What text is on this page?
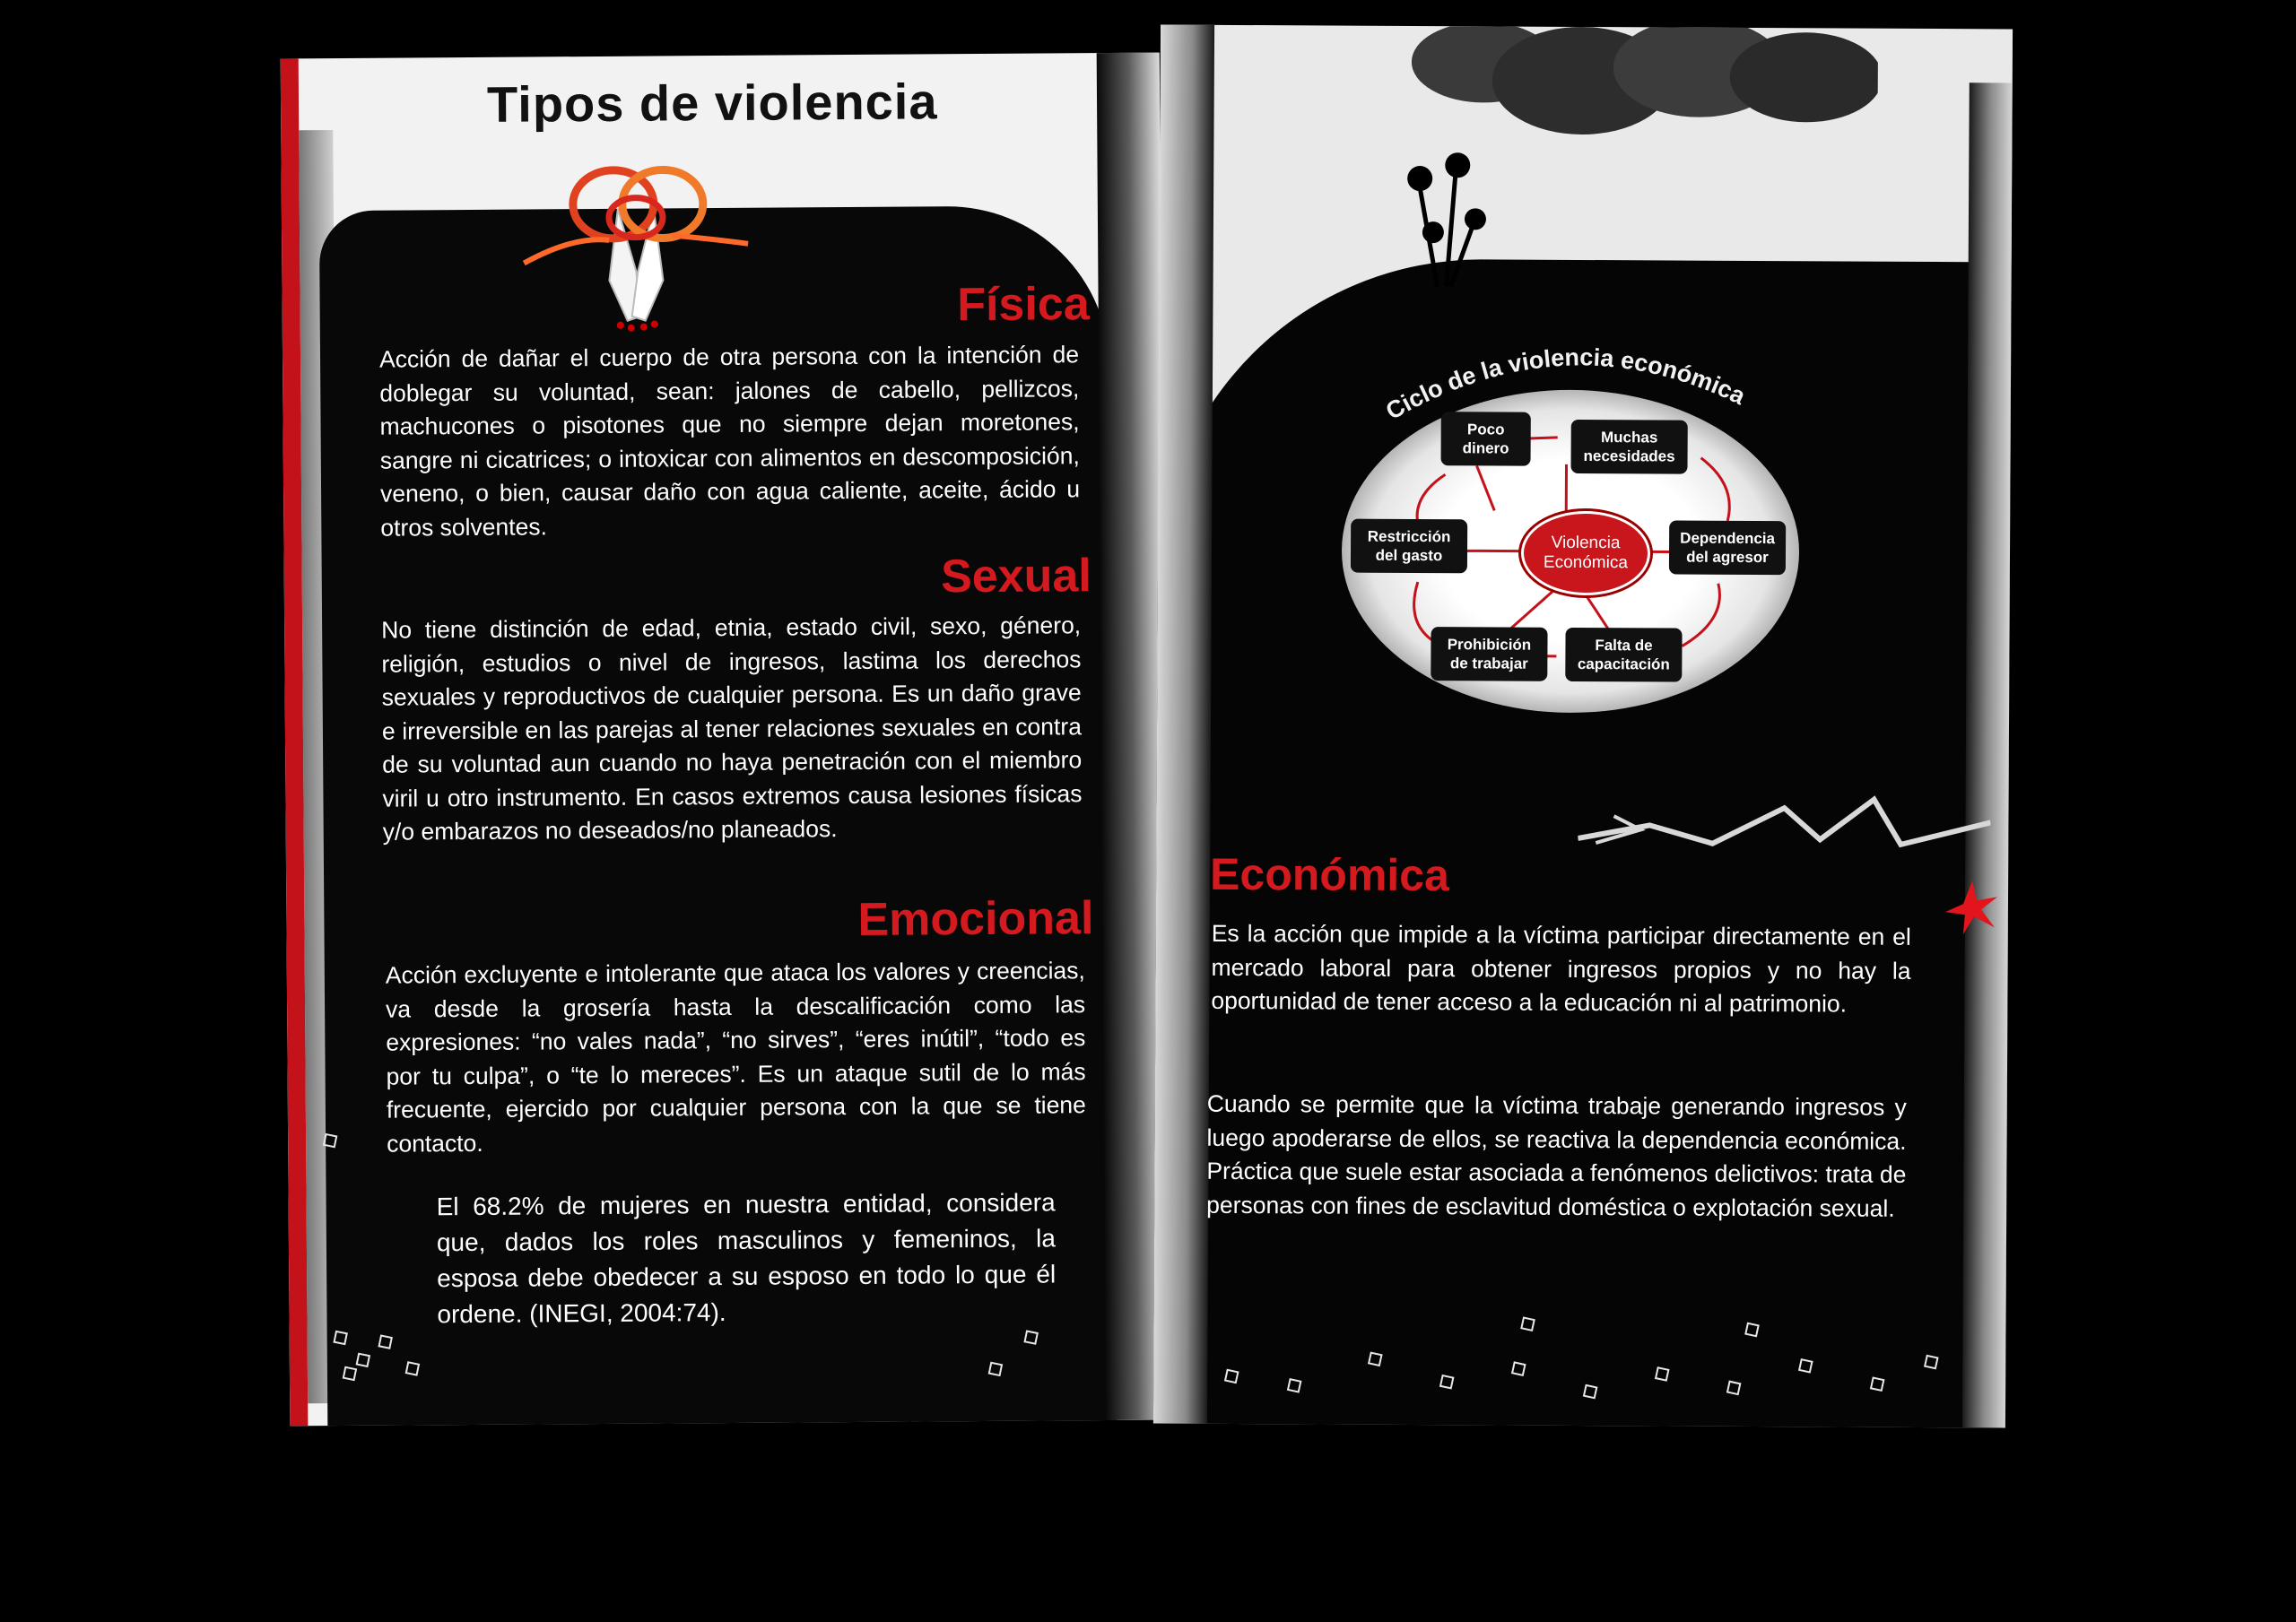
Tipos de violencia
Física
Acción de dañar el cuerpo de otra persona con la intención de doblegar su voluntad, sean: jalones de cabello, pellizcos, machucones o pisotones que no siempre dejan moretones, sangre ni cicatrices; o intoxicar con alimentos en descomposición, veneno, o bien, causar daño con agua caliente, aceite, ácido u otros solventes.
Sexual
No tiene distinción de edad, etnia, estado civil, sexo, género, religión, estudios o nivel de ingresos, lastima los derechos sexuales y reproductivos de cualquier persona. Es un daño grave e irreversible en las parejas al tener relaciones sexuales en contra de su voluntad aun cuando no haya penetración con el miembro viril u otro instrumento. En casos extremos causa lesiones físicas y/o embarazos no deseados/no planeados.
Emocional
Acción excluyente e intolerante que ataca los valores y creencias, va desde la grosería hasta la descalificación como las expresiones: “no vales nada”, “no sirves”, “eres inútil”, “todo es por tu culpa”, o “te lo mereces”. Es un ataque sutil de lo más frecuente, ejercido por cualquier persona con la que se tiene contacto.
El 68.2% de mujeres en nuestra entidad, considera que, dados los roles masculinos y femeninos, la esposa debe obedecer a su esposo en todo lo que él ordene. (INEGI, 2004:74).
Ciclo de la violencia económica
Poco dinero
Muchas necesidades
Dependencia del agresor
Falta de capacitación
Prohibición de trabajar
Restricción del gasto
Violencia Económica
Económica
Es la acción que impide a la víctima participar directamente en el mercado laboral para obtener ingresos propios y no hay la oportunidad de tener acceso a la educación ni al patrimonio.
Cuando se permite que la víctima trabaje generando ingresos y luego apoderarse de ellos, se reactiva la dependencia económica. Práctica que suele estar asociada a fenómenos delictivos: trata de personas con fines de esclavitud doméstica o explotación sexual.
